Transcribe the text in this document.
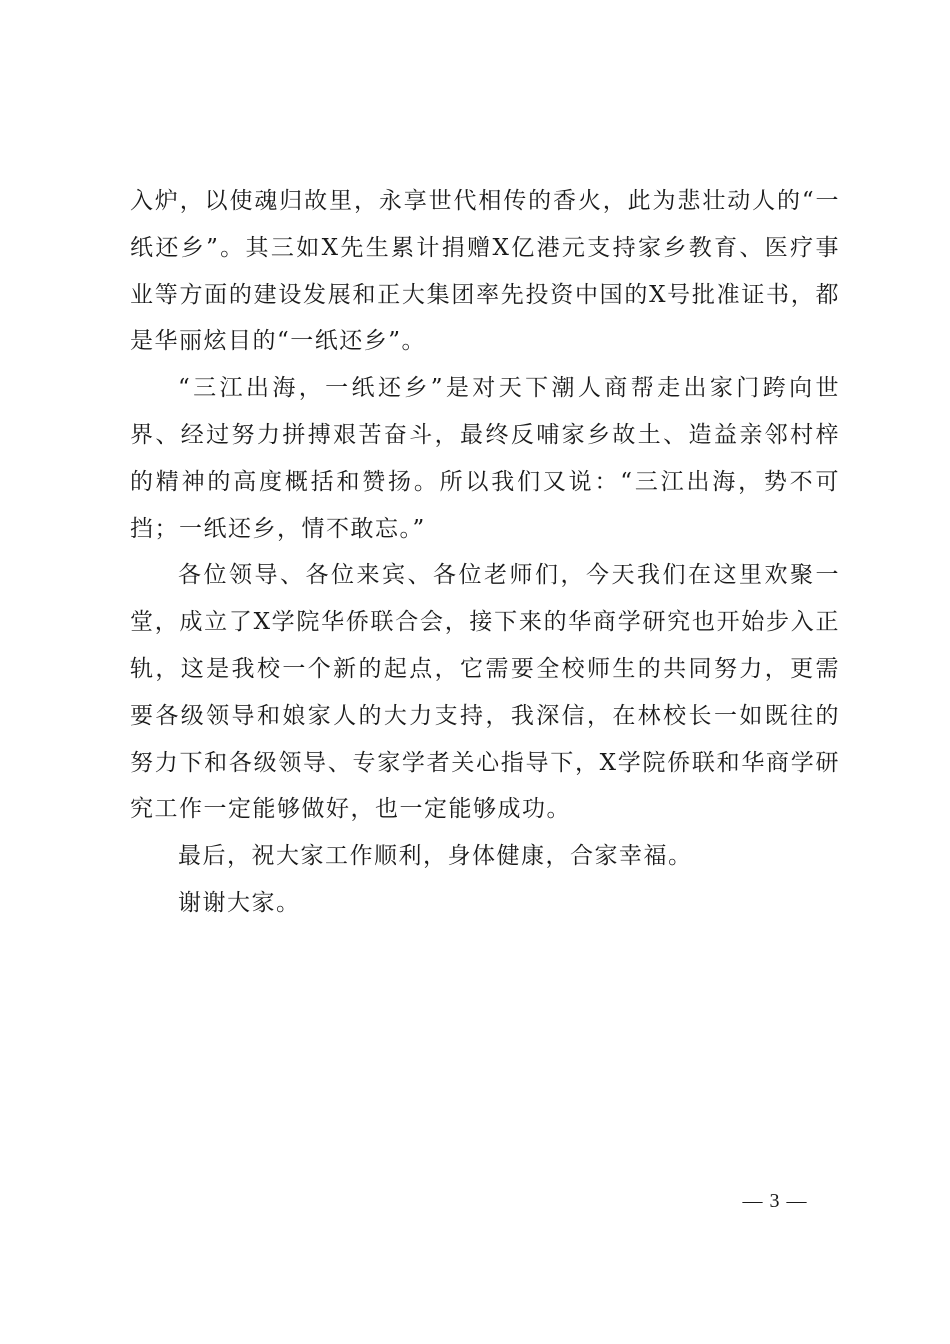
入炉，以使魂归故里，永享世代相传的香火，此为悲壮动人的“一纸还乡”。其三如X先生累计捐赠X亿港元支持家乡教育、医疗事业等方面的建设发展和正大集团率先投资中国的X号批准证书，都是华丽炫目的“一纸还乡”。

“三江出海，一纸还乡”是对天下潮人商帮走出家门跨向世界、经过努力拼搏艰苦奋斗，最终反哺家乡故土、造益亲邻村梓的精神的高度概括和赞扬。所以我们又说：“三江出海，势不可挡；一纸还乡，情不敢忘。”

各位领导、各位来宾、各位老师们，今天我们在这里欢聚一堂，成立了X学院华侨联合会，接下来的华商学研究也开始步入正轨，这是我校一个新的起点，它需要全校师生的共同努力，更需要各级领导和娘家人的大力支持，我深信，在林校长一如既往的努力下和各级领导、专家学者关心指导下，X学院侨联和华商学研究工作一定能够做好，也一定能够成功。

最后，祝大家工作顺利，身体健康，合家幸福。

谢谢大家。

— 3 —
